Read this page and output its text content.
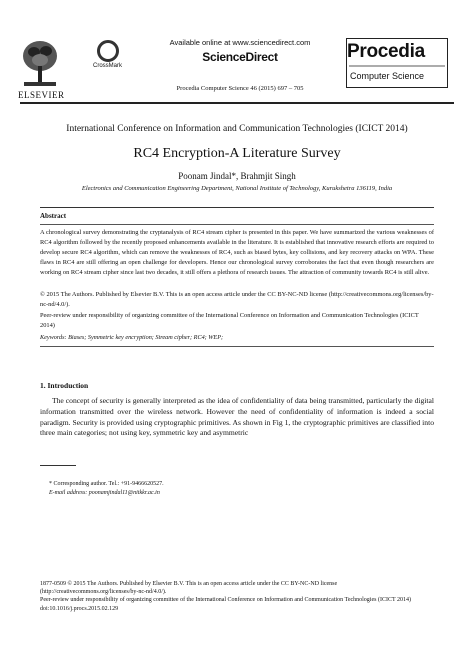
ELSEVIER
CrossMark
Available online at www.sciencedirect.com
ScienceDirect
Procedia Computer Science 46 (2015) 697 – 705
Procedia
Computer Science
International Conference on Information and Communication Technologies (ICICT 2014)
RC4 Encryption-A Literature Survey
Poonam Jindal*, Brahmjit Singh
Electronics and Communication Engineering Department, National Institute of Technology, Kurukshetra 136119, India
Abstract
A chronological survey demonstrating the cryptanalysis of RC4 stream cipher is presented in this paper. We have summarized the various weaknesses of RC4 algorithm followed by the recently proposed enhancements available in the literature. It is established that innovative research efforts are required to develop secure RC4 algorithm, which can remove the weaknesses of RC4, such as biased bytes, key collisions, and key recovery attacks on WPA. These flaws in RC4 are still offering an open challenge for developers. Hence our chronological survey corroborates the fact that even though researchers are working on RC4 stream cipher since last two decades, it still offers a plethora of research issues. The attraction of community towards RC4 is still alive.
© 2015 The Authors. Published by Elsevier B.V. This is an open access article under the CC BY-NC-ND license (http://creativecommons.org/licenses/by-nc-nd/4.0/).
Peer-review under responsibility of organizing committee of the International Conference on Information and Communication Technologies (ICICT 2014)
Keywords: Biases; Symmetric key encryption; Stream cipher; RC4; WEP;
1. Introduction
The concept of security is generally interpreted as the idea of confidentiality of data being transmitted, particularly the digital information transmitted over the wireless network. However the need of confidentiality of information is indeed a social paradigm. Security is provided using cryptographic primitives. As shown in Fig 1, the cryptographic primitives are classified into three main categories; not using key, symmetric key and asymmetric
* Corresponding author. Tel.: +91-9466620527.
E-mail address: poonamjindal11@nitkkr.ac.in
1877-0509 © 2015 The Authors. Published by Elsevier B.V. This is an open access article under the CC BY-NC-ND license
(http://creativecommons.org/licenses/by-nc-nd/4.0/).
Peer-review under responsibility of organizing committee of the International Conference on Information and Communication Technologies (ICICT 2014)
doi:10.1016/j.procs.2015.02.129
